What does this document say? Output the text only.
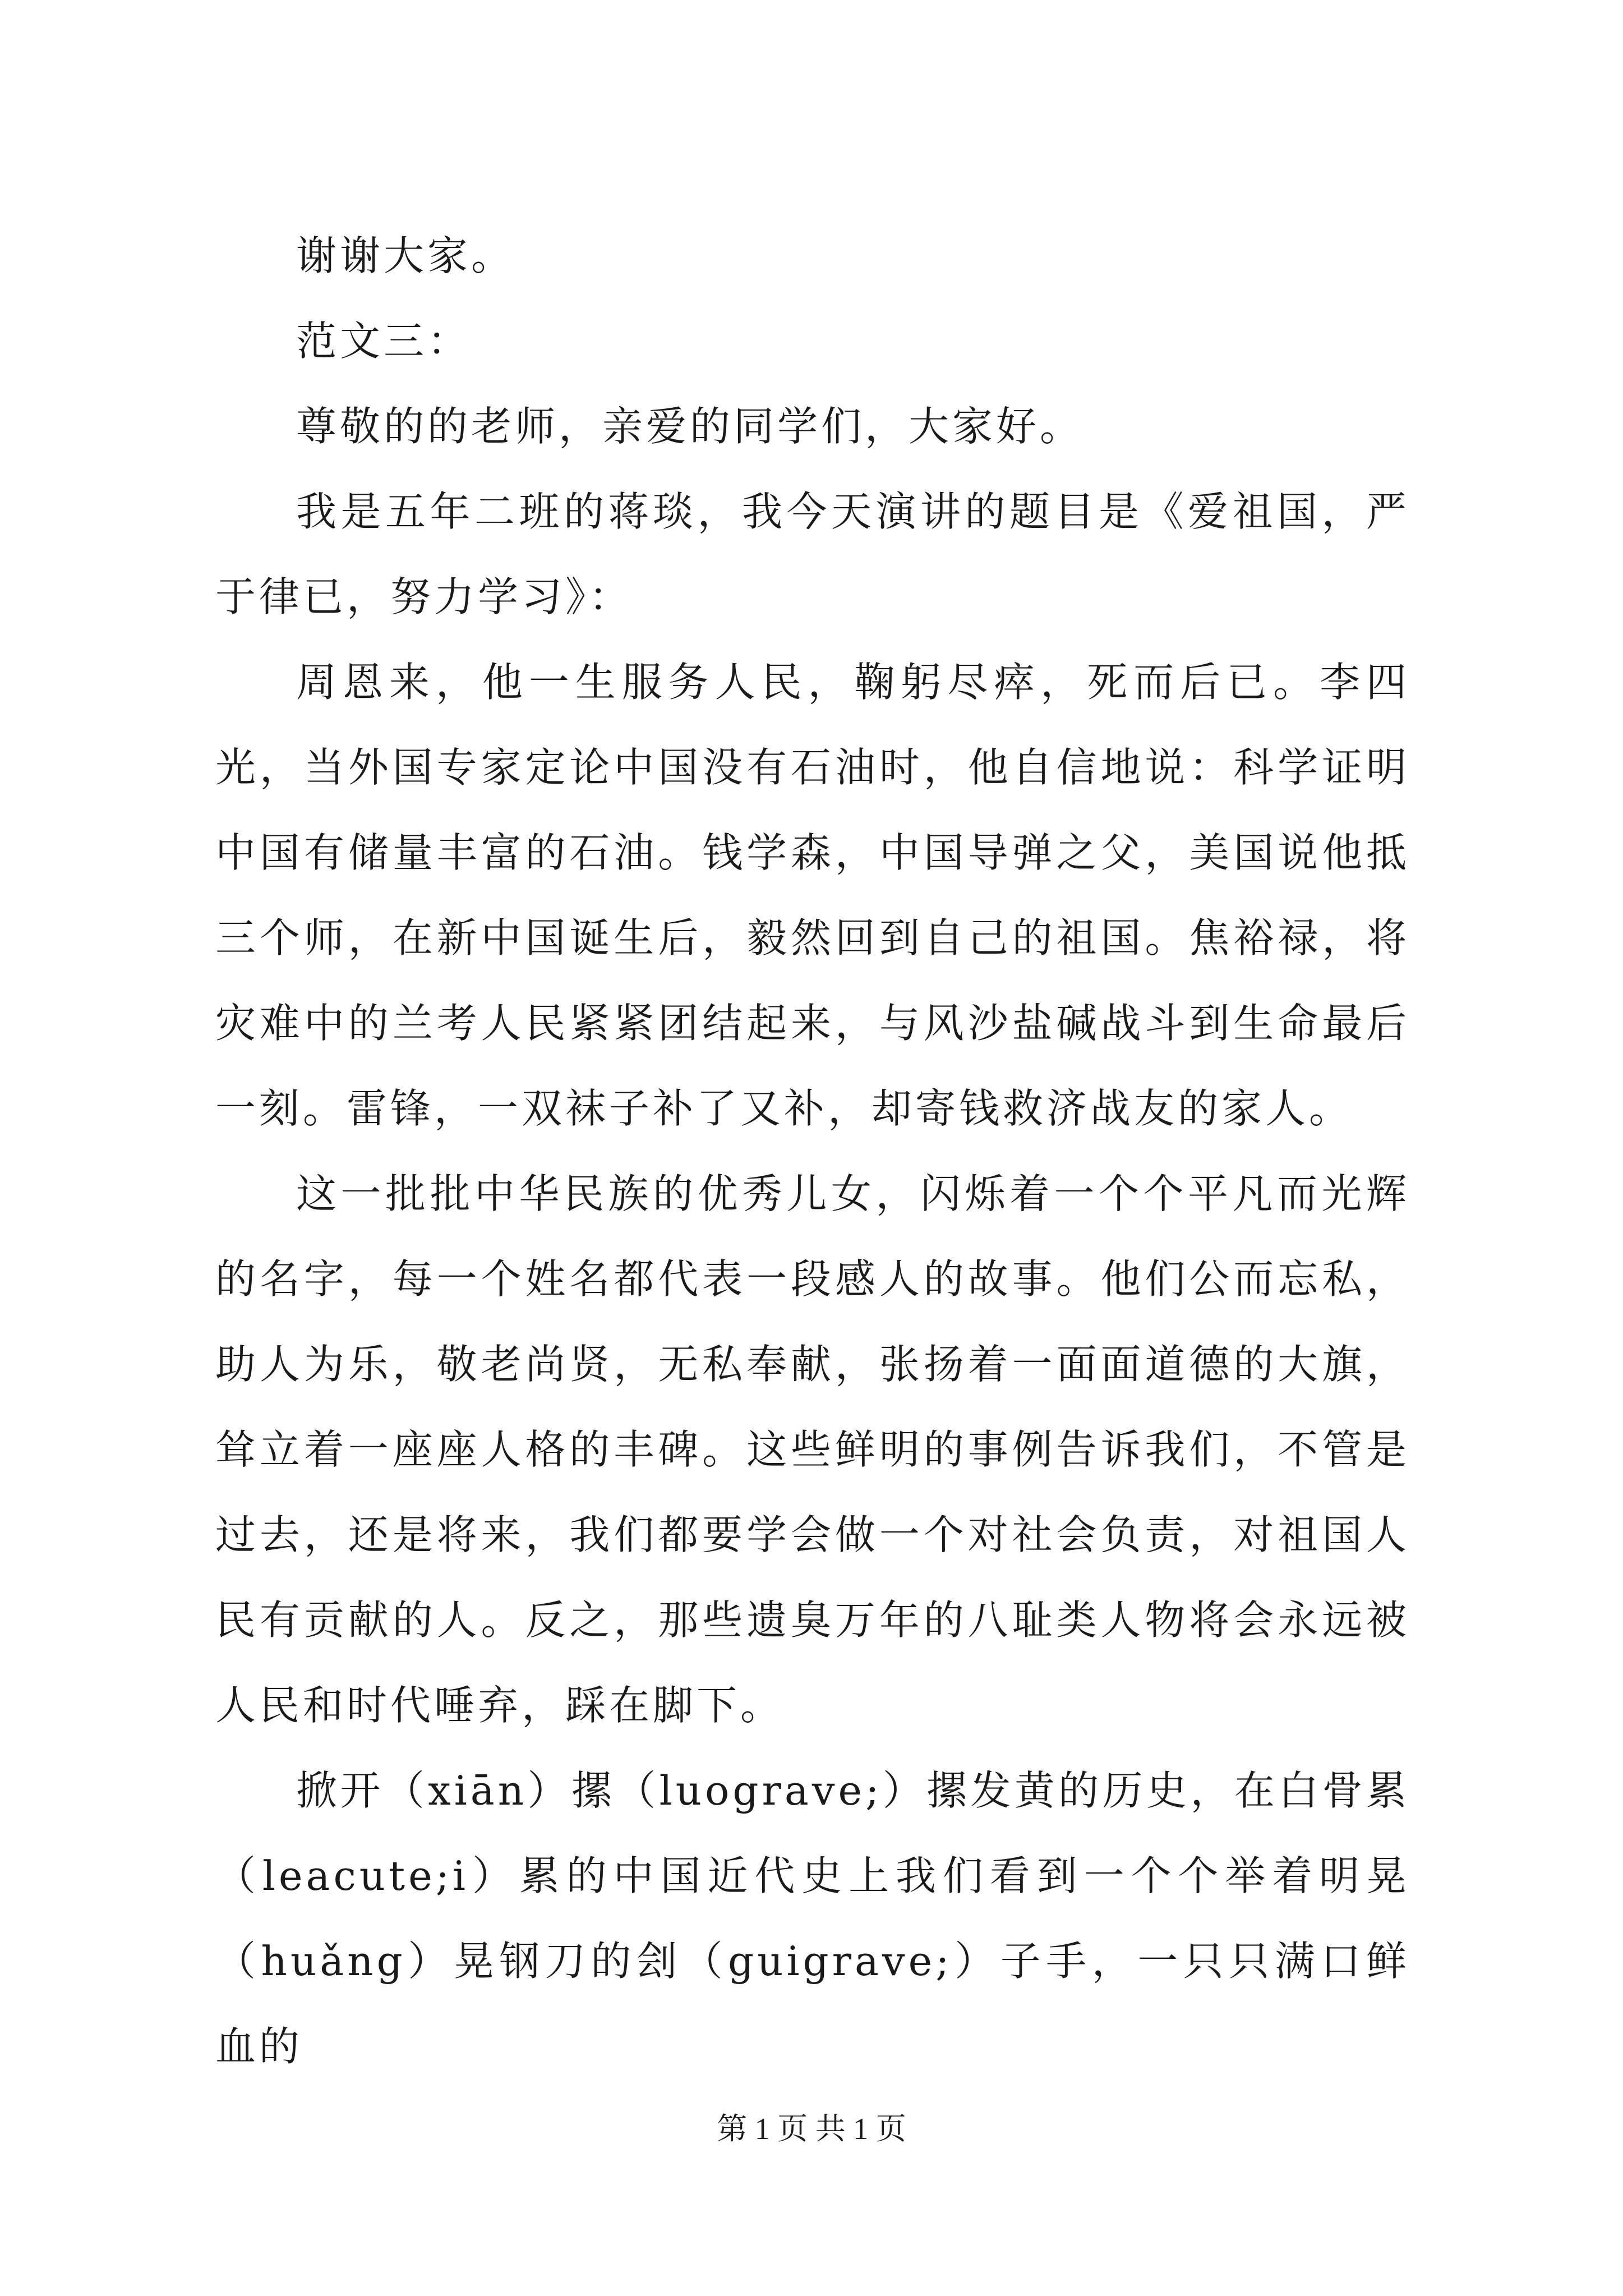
谢谢大家。

范文三：

尊敬的的老师，亲爱的同学们，大家好。

我是五年二班的蒋琰，我今天演讲的题目是《爱祖国，严于律已，努力学习》：

周恩来，他一生服务人民，鞠躬尽瘁，死而后已。李四光，当外国专家定论中国没有石油时，他自信地说：科学证明中国有储量丰富的石油。钱学森，中国导弹之父，美国说他抵三个师，在新中国诞生后，毅然回到自己的祖国。焦裕禄，将灾难中的兰考人民紧紧团结起来，与风沙盐碱战斗到生命最后一刻。雷锋，一双袜子补了又补，却寄钱救济战友的家人。

这一批批中华民族的优秀儿女，闪烁着一个个平凡而光辉的名字，每一个姓名都代表一段感人的故事。他们公而忘私，助人为乐，敬老尚贤，无私奉献，张扬着一面面道德的大旗，耸立着一座座人格的丰碑。这些鲜明的事例告诉我们，不管是过去，还是将来，我们都要学会做一个对社会负责，对祖国人民有贡献的人。反之，那些遗臭万年的八耻类人物将会永远被人民和时代唾弃，踩在脚下。

掀开（xiān）摞（luograve;）摞发黄的历史，在白骨累（leacute;i）累的中国近代史上我们看到一个个举着明晃（huǎng）晃钢刀的刽（guigrave;）子手，一只只满口鲜血的

第 1 页 共 1 页
